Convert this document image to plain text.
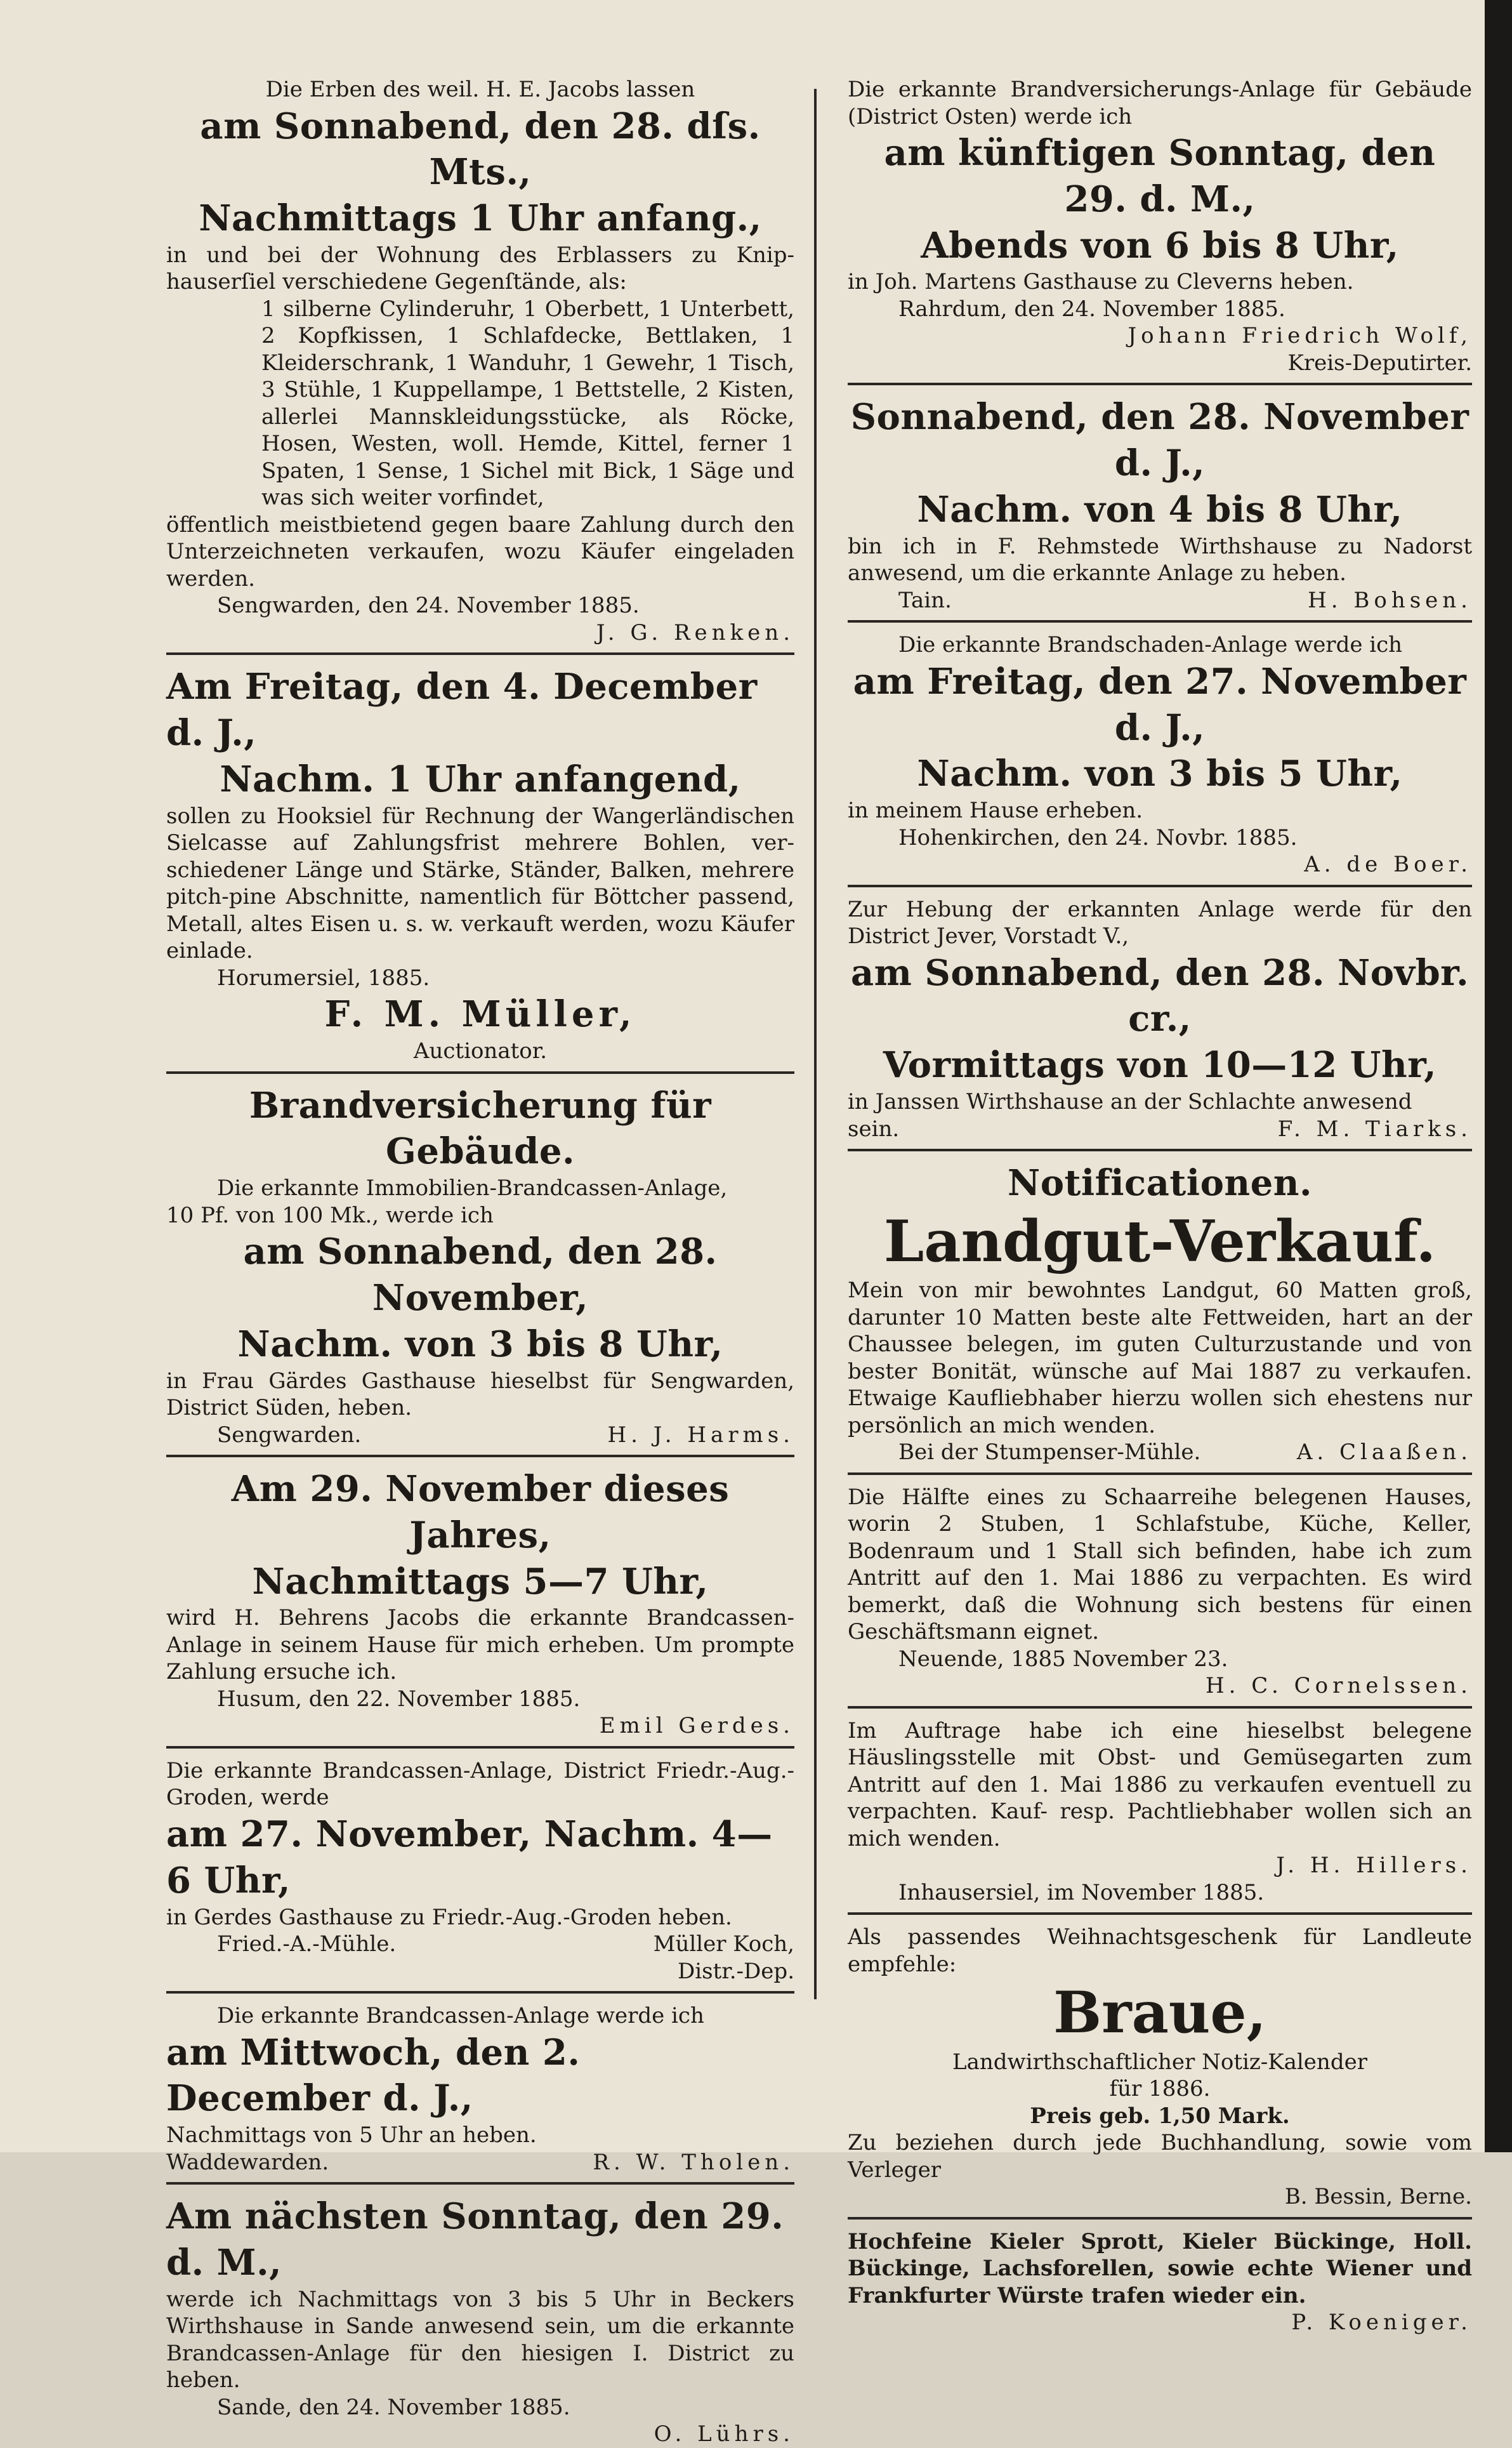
Die Erben des weil. H. E. Jacobs lassen

am Sonnabend, den 28. dſs. Mts.,

Nachmittags 1 Uhr anfang.,

in und bei der Wohnung des Erblassers zu Kniphauserſiel verschiedene Gegenſtände, als:

1 silberne Cylinderuhr, 1 Oberbett, 1 Unterbett, 2 Kopfkissen, 1 Schlafdecke, Bettlaken, 1 Kleiderschrank, 1 Wanduhr, 1 Gewehr, 1 Tisch, 3 Stühle, 1 Kuppellampe, 1 Bettstelle, 2 Kisten, allerlei Mannskleidungsstücke, als Röcke, Hosen, Westen, woll. Hemde, Kittel, ferner 1 Spaten, 1 Sense, 1 Sichel mit Bick, 1 Säge und was sich weiter vorfindet,

öffentlich meistbietend gegen baare Zahlung durch den Unterzeichneten verkaufen, wozu Käufer eingeladen werden.

Sengwarden, den 24. November 1885.

J. G. Renken.

Am Freitag, den 4. December d. J.,

Nachm. 1 Uhr anfangend,

sollen zu Hooksiel für Rechnung der Wangerländischen Sielcasse auf Zahlungsfrist mehrere Bohlen, verschiedener Länge und Stärke, Ständer, Balken, mehrere pitch-pine Abschnitte, namentlich für Böttcher passend, Metall, altes Eisen u. s. w. verkauft werden, wozu Käufer einlade.

Horumersiel, 1885.

F. M. Müller,

Auctionator.

Brandversicherung für Gebäude.

Die erkannte Immobilien-Brandcassen-Anlage,

10 Pf. von 100 Mk., werde ich

am Sonnabend, den 28. November,

Nachm. von 3 bis 8 Uhr,

in Frau Gärdes Gasthause hieselbst für Sengwarden, District Süden, heben.

Sengwarden.	H. J. Harms.

Am 29. November dieses Jahres,

Nachmittags 5—7 Uhr,

wird H. Behrens Jacobs die erkannte Brandcassen-Anlage in seinem Hause für mich erheben. Um prompte Zahlung ersuche ich.

Husum, den 22. November 1885.

Emil Gerdes.

Die erkannte Brandcassen-Anlage, District Friedr.-Aug.-Groden, werde

am 27. November, Nachm. 4—6 Uhr,

in Gerdes Gasthause zu Friedr.-Aug.-Groden heben.

Fried.-A.-Mühle.	Müller Koch,

Distr.-Dep.

Die erkannte Brandcassen-Anlage werde ich

am Mittwoch, den 2. December d. J.,

Nachmittags von 5 Uhr an heben.

Waddewarden.	R. W. Tholen.

Am nächsten Sonntag, den 29. d. M.,

werde ich Nachmittags von 3 bis 5 Uhr in Beckers Wirthshause in Sande anwesend sein, um die erkannte Brandcassen-Anlage für den hiesigen I. District zu heben.

Sande, den 24. November 1885.

O. Lührs.

Die erkannte Brandversicherungs-Anlage für Gebäude (District Osten) werde ich

am künftigen Sonntag, den 29. d. M.,

Abends von 6 bis 8 Uhr,

in Joh. Martens Gasthause zu Cleverns heben.

Rahrdum, den 24. November 1885.

Johann Friedrich Wolf,

Kreis-Deputirter.

Sonnabend, den 28. November d. J.,

Nachm. von 4 bis 8 Uhr,

bin ich in F. Rehmstede Wirthshause zu Nadorst anwesend, um die erkannte Anlage zu heben.

Tain.	H. Bohsen.

Die erkannte Brandschaden-Anlage werde ich

am Freitag, den 27. November d. J.,

Nachm. von 3 bis 5 Uhr,

in meinem Hause erheben.

Hohenkirchen, den 24. Novbr. 1885.

A. de Boer.

Zur Hebung der erkannten Anlage werde für den District Jever, Vorstadt V.,

am Sonnabend, den 28. Novbr. cr.,

Vormittags von 10—12 Uhr,

in Janssen Wirthshause an der Schlachte anwesend

sein.	F. M. Tiarks.

Notificationen.

Landgut-Verkauf.

Mein von mir bewohntes Landgut, 60 Matten groß, darunter 10 Matten beste alte Fettweiden, hart an der Chaussee belegen, im guten Culturzustande und von bester Bonität, wünsche auf Mai 1887 zu verkaufen. Etwaige Kaufliebhaber hierzu wollen sich ehestens nur persönlich an mich wenden.

Bei der Stumpenser-Mühle.	A. Claaßen.

Die Hälfte eines zu Schaarreihe belegenen Hauses, worin 2 Stuben, 1 Schlafstube, Küche, Keller, Bodenraum und 1 Stall sich befinden, habe ich zum Antritt auf den 1. Mai 1886 zu verpachten. Es wird bemerkt, daß die Wohnung sich bestens für einen Geschäftsmann eignet.

Neuende, 1885 November 23.

H. C. Cornelssen.

Im Auftrage habe ich eine hieselbst belegene Häuslingsstelle mit Obst- und Gemüsegarten zum Antritt auf den 1. Mai 1886 zu verkaufen eventuell zu verpachten. Kauf- resp. Pachtliebhaber wollen sich an mich wenden.

J. H. Hillers.

Inhausersiel, im November 1885.

Als passendes Weihnachtsgeschenk für Landleute empfehle:

Braue,

Landwirthschaftlicher Notiz-Kalender

für 1886.

Preis geb. 1,50 Mark.

Zu beziehen durch jede Buchhandlung, sowie vom Verleger

B. Bessin, Berne.

Hochfeine Kieler Sprott, Kieler Bückinge, Holl. Bückinge, Lachsforellen, sowie echte Wiener und Frankfurter Würste trafen wieder ein.

P. Koeniger.
